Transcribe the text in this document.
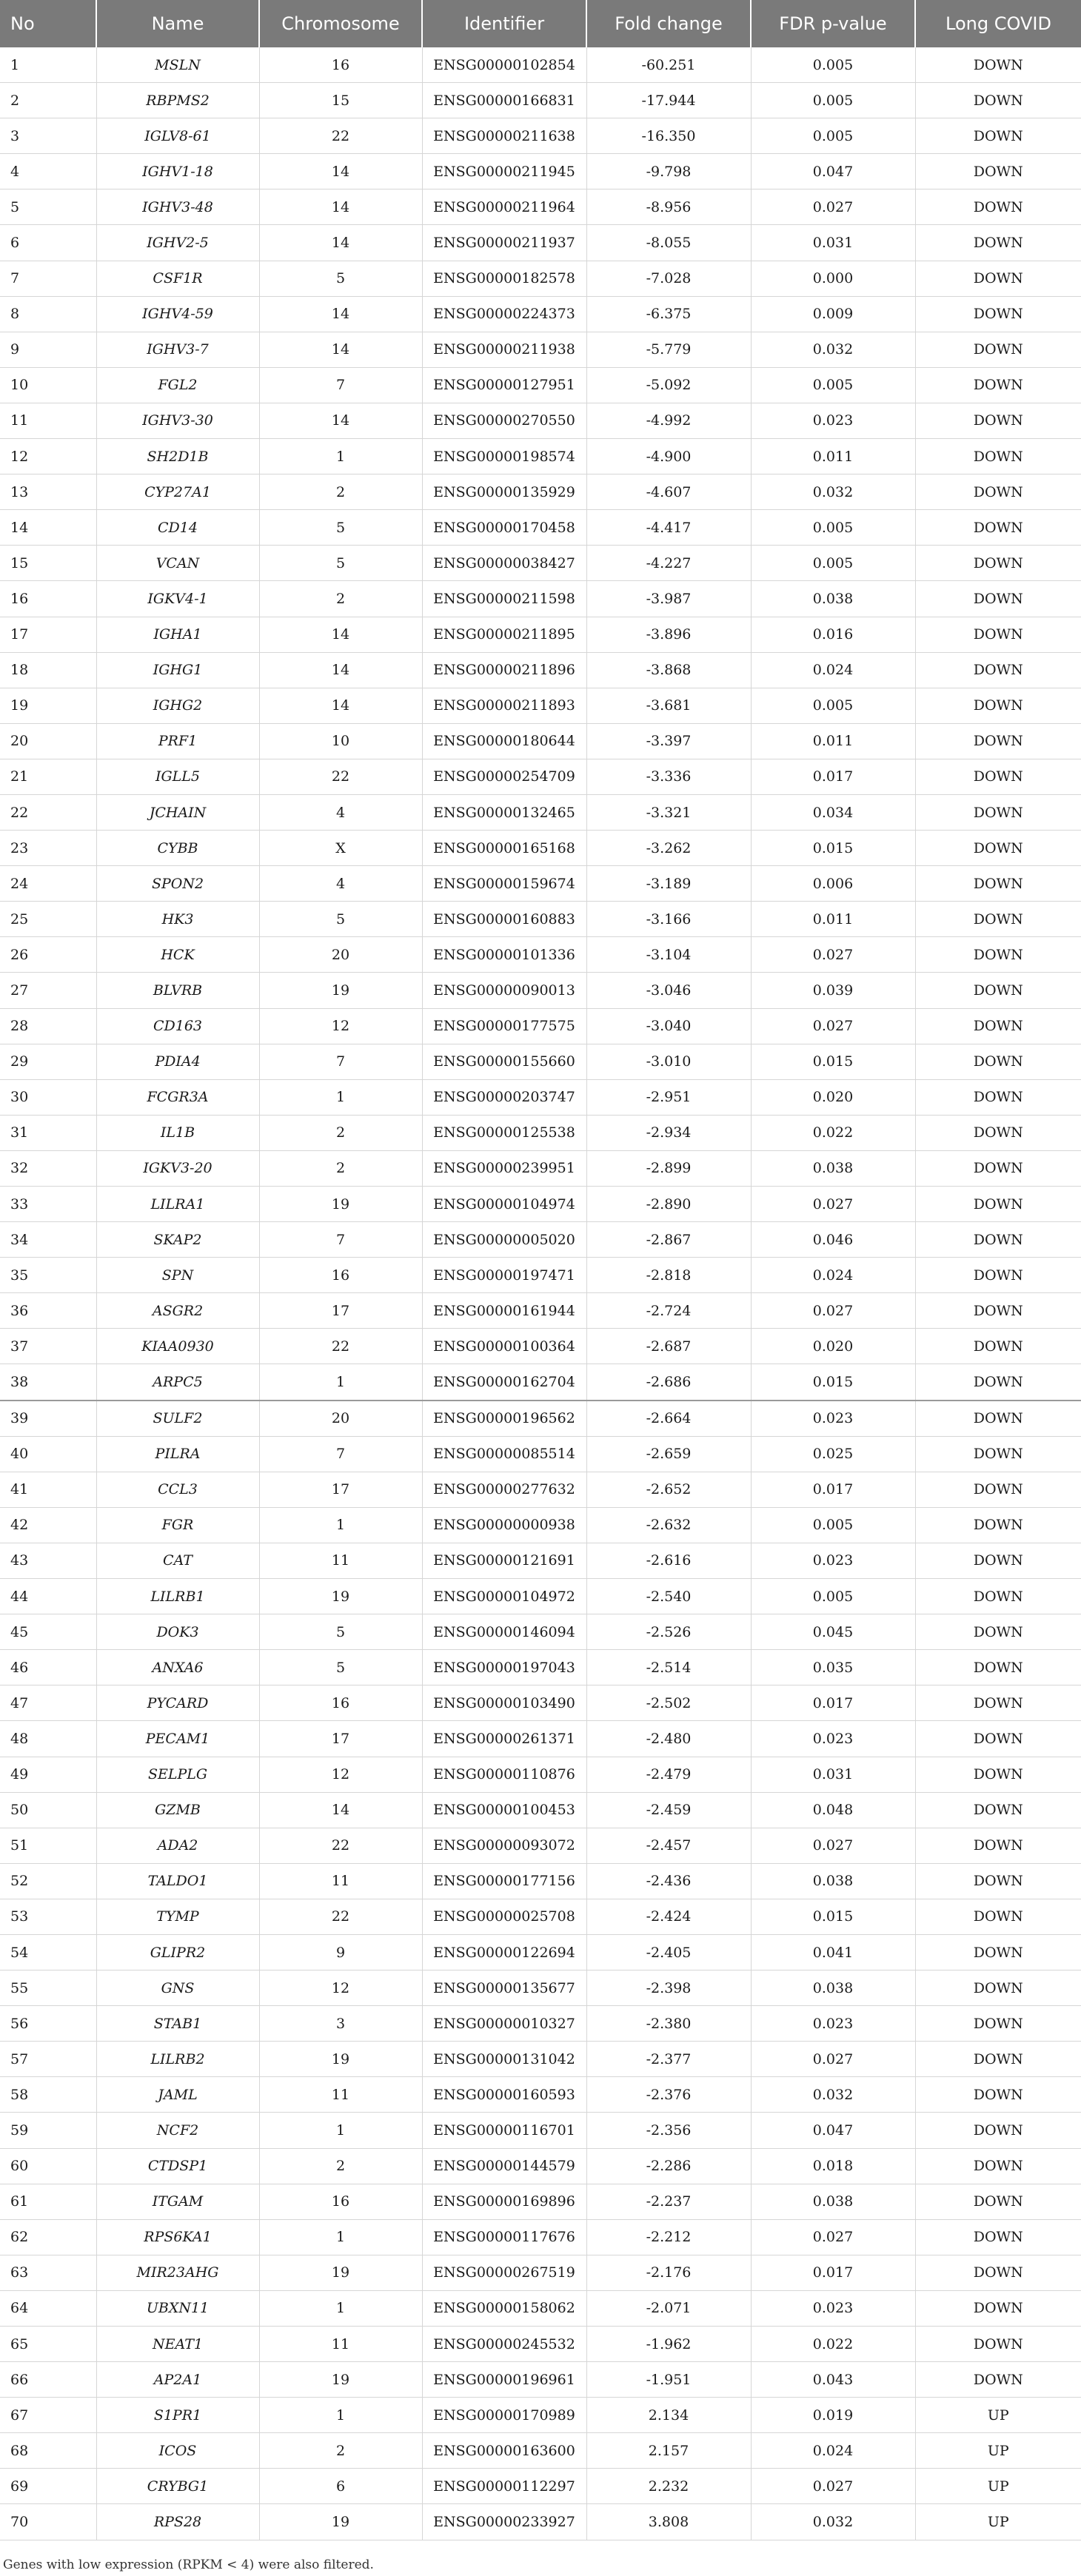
No	Name	Chromosome	Identifier	Fold change	FDR p-value	Long COVID
1	MSLN	16	ENSG00000102854	-60.251	0.005	DOWN
2	RBPMS2	15	ENSG00000166831	-17.944	0.005	DOWN
3	IGLV8-61	22	ENSG00000211638	-16.350	0.005	DOWN
4	IGHV1-18	14	ENSG00000211945	-9.798	0.047	DOWN
5	IGHV3-48	14	ENSG00000211964	-8.956	0.027	DOWN
6	IGHV2-5	14	ENSG00000211937	-8.055	0.031	DOWN
7	CSF1R	5	ENSG00000182578	-7.028	0.000	DOWN
8	IGHV4-59	14	ENSG00000224373	-6.375	0.009	DOWN
9	IGHV3-7	14	ENSG00000211938	-5.779	0.032	DOWN
10	FGL2	7	ENSG00000127951	-5.092	0.005	DOWN
11	IGHV3-30	14	ENSG00000270550	-4.992	0.023	DOWN
12	SH2D1B	1	ENSG00000198574	-4.900	0.011	DOWN
13	CYP27A1	2	ENSG00000135929	-4.607	0.032	DOWN
14	CD14	5	ENSG00000170458	-4.417	0.005	DOWN
15	VCAN	5	ENSG00000038427	-4.227	0.005	DOWN
16	IGKV4-1	2	ENSG00000211598	-3.987	0.038	DOWN
17	IGHA1	14	ENSG00000211895	-3.896	0.016	DOWN
18	IGHG1	14	ENSG00000211896	-3.868	0.024	DOWN
19	IGHG2	14	ENSG00000211893	-3.681	0.005	DOWN
20	PRF1	10	ENSG00000180644	-3.397	0.011	DOWN
21	IGLL5	22	ENSG00000254709	-3.336	0.017	DOWN
22	JCHAIN	4	ENSG00000132465	-3.321	0.034	DOWN
23	CYBB	X	ENSG00000165168	-3.262	0.015	DOWN
24	SPON2	4	ENSG00000159674	-3.189	0.006	DOWN
25	HK3	5	ENSG00000160883	-3.166	0.011	DOWN
26	HCK	20	ENSG00000101336	-3.104	0.027	DOWN
27	BLVRB	19	ENSG00000090013	-3.046	0.039	DOWN
28	CD163	12	ENSG00000177575	-3.040	0.027	DOWN
29	PDIA4	7	ENSG00000155660	-3.010	0.015	DOWN
30	FCGR3A	1	ENSG00000203747	-2.951	0.020	DOWN
31	IL1B	2	ENSG00000125538	-2.934	0.022	DOWN
32	IGKV3-20	2	ENSG00000239951	-2.899	0.038	DOWN
33	LILRA1	19	ENSG00000104974	-2.890	0.027	DOWN
34	SKAP2	7	ENSG00000005020	-2.867	0.046	DOWN
35	SPN	16	ENSG00000197471	-2.818	0.024	DOWN
36	ASGR2	17	ENSG00000161944	-2.724	0.027	DOWN
37	KIAA0930	22	ENSG00000100364	-2.687	0.020	DOWN
38	ARPC5	1	ENSG00000162704	-2.686	0.015	DOWN
39	SULF2	20	ENSG00000196562	-2.664	0.023	DOWN
40	PILRA	7	ENSG00000085514	-2.659	0.025	DOWN
41	CCL3	17	ENSG00000277632	-2.652	0.017	DOWN
42	FGR	1	ENSG00000000938	-2.632	0.005	DOWN
43	CAT	11	ENSG00000121691	-2.616	0.023	DOWN
44	LILRB1	19	ENSG00000104972	-2.540	0.005	DOWN
45	DOK3	5	ENSG00000146094	-2.526	0.045	DOWN
46	ANXA6	5	ENSG00000197043	-2.514	0.035	DOWN
47	PYCARD	16	ENSG00000103490	-2.502	0.017	DOWN
48	PECAM1	17	ENSG00000261371	-2.480	0.023	DOWN
49	SELPLG	12	ENSG00000110876	-2.479	0.031	DOWN
50	GZMB	14	ENSG00000100453	-2.459	0.048	DOWN
51	ADA2	22	ENSG00000093072	-2.457	0.027	DOWN
52	TALDO1	11	ENSG00000177156	-2.436	0.038	DOWN
53	TYMP	22	ENSG00000025708	-2.424	0.015	DOWN
54	GLIPR2	9	ENSG00000122694	-2.405	0.041	DOWN
55	GNS	12	ENSG00000135677	-2.398	0.038	DOWN
56	STAB1	3	ENSG00000010327	-2.380	0.023	DOWN
57	LILRB2	19	ENSG00000131042	-2.377	0.027	DOWN
58	JAML	11	ENSG00000160593	-2.376	0.032	DOWN
59	NCF2	1	ENSG00000116701	-2.356	0.047	DOWN
60	CTDSP1	2	ENSG00000144579	-2.286	0.018	DOWN
61	ITGAM	16	ENSG00000169896	-2.237	0.038	DOWN
62	RPS6KA1	1	ENSG00000117676	-2.212	0.027	DOWN
63	MIR23AHG	19	ENSG00000267519	-2.176	0.017	DOWN
64	UBXN11	1	ENSG00000158062	-2.071	0.023	DOWN
65	NEAT1	11	ENSG00000245532	-1.962	0.022	DOWN
66	AP2A1	19	ENSG00000196961	-1.951	0.043	DOWN
67	S1PR1	1	ENSG00000170989	2.134	0.019	UP
68	ICOS	2	ENSG00000163600	2.157	0.024	UP
69	CRYBG1	6	ENSG00000112297	2.232	0.027	UP
70	RPS28	19	ENSG00000233927	3.808	0.032	UP
Genes with low expression (RPKM < 4) were also filtered.
